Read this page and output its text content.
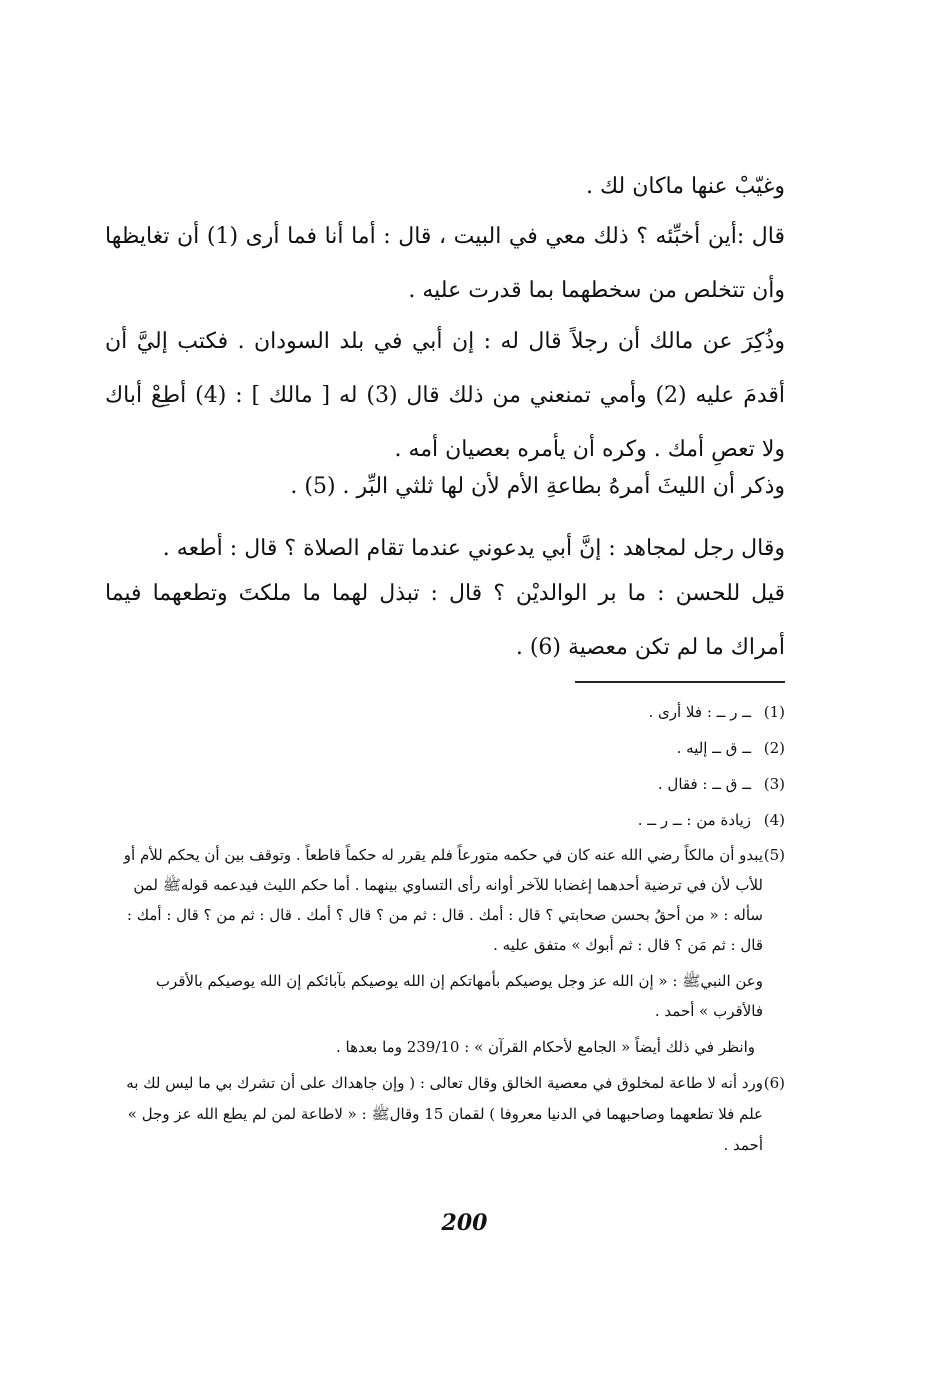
وغيّبْ عنها ماكان لك .

قال :أين أخبِّئه ؟ ذلك معي في البيت ، قال : أما أنا فما أرى (1) أن تغايظها وأن تتخلص من سخطهما بما قدرت عليه .

وذُكِرَ عن مالك أن رجلاً قال له : إن أبي في بلد السودان . فكتب إليَّ أن أقدمَ عليه (2) وأمي تمنعني من ذلك قال (3) له [ مالك ] : (4) أطِعْ أباك ولا تعصِ أمك . وكره أن يأمره بعصيان أمه .

وذكر أن الليثَ أمرهُ بطاعةِ الأم لأن لها ثلثي البِّر . (5) .

وقال رجل لمجاهد : إنَّ أبي يدعوني عندما تقام الصلاة ؟ قال : أطعه .

قيل للحسن : ما بر الوالديْن ؟ قال : تبذل لهما ما ملكتَ وتطعهما فيما أمراك ما لم تكن معصية (6) .

(1)
ــ ر ــ : فلا أرى .
(2)
ــ ق ــ إليه .
(3)
ــ ق ــ : فقال .
(4)
زيادة من : ــ ر ــ .
(5)
يبدو أن مالكاً رضي الله عنه كان في حكمه متورعاً فلم يقرر له حكماً قاطعاً . وتوقف بين أن يحكم للأم أو للأب لأن في ترضية أحدهما إغضابا للآخر أوانه رأى التساوي بينهما . أما حكم الليث فيدعمه قولهﷺ لمن سأله : « من أحقُ بحسن صحابتي ؟ قال : أمك . قال : ثم من ؟ قال ؟ أمك . قال : ثم من ؟ قال : أمك : قال : ثم مَن ؟ قال : ثم أبوك » متفق عليه .
وعن النبيﷺ : « إن الله عز وجل يوصيكم بأمهاتكم إن الله يوصيكم بآبائكم إن الله يوصيكم بالأقرب فالأقرب » أحمد .
وانظر في ذلك أيضاً « الجامع لأحكام القرآن » : 239/10 وما بعدها .
(6)
ورد أنه لا طاعة لمخلوق في معصية الخالق وقال تعالى : ( وإن جاهداك على أن تشرك بي ما ليس لك به علم فلا تطعهما وصاحبهما في الدنيا معروفا ) لقمان 15 وقالﷺ : « لاطاعة لمن لم يطع الله عز وجل » أحمد .
200
